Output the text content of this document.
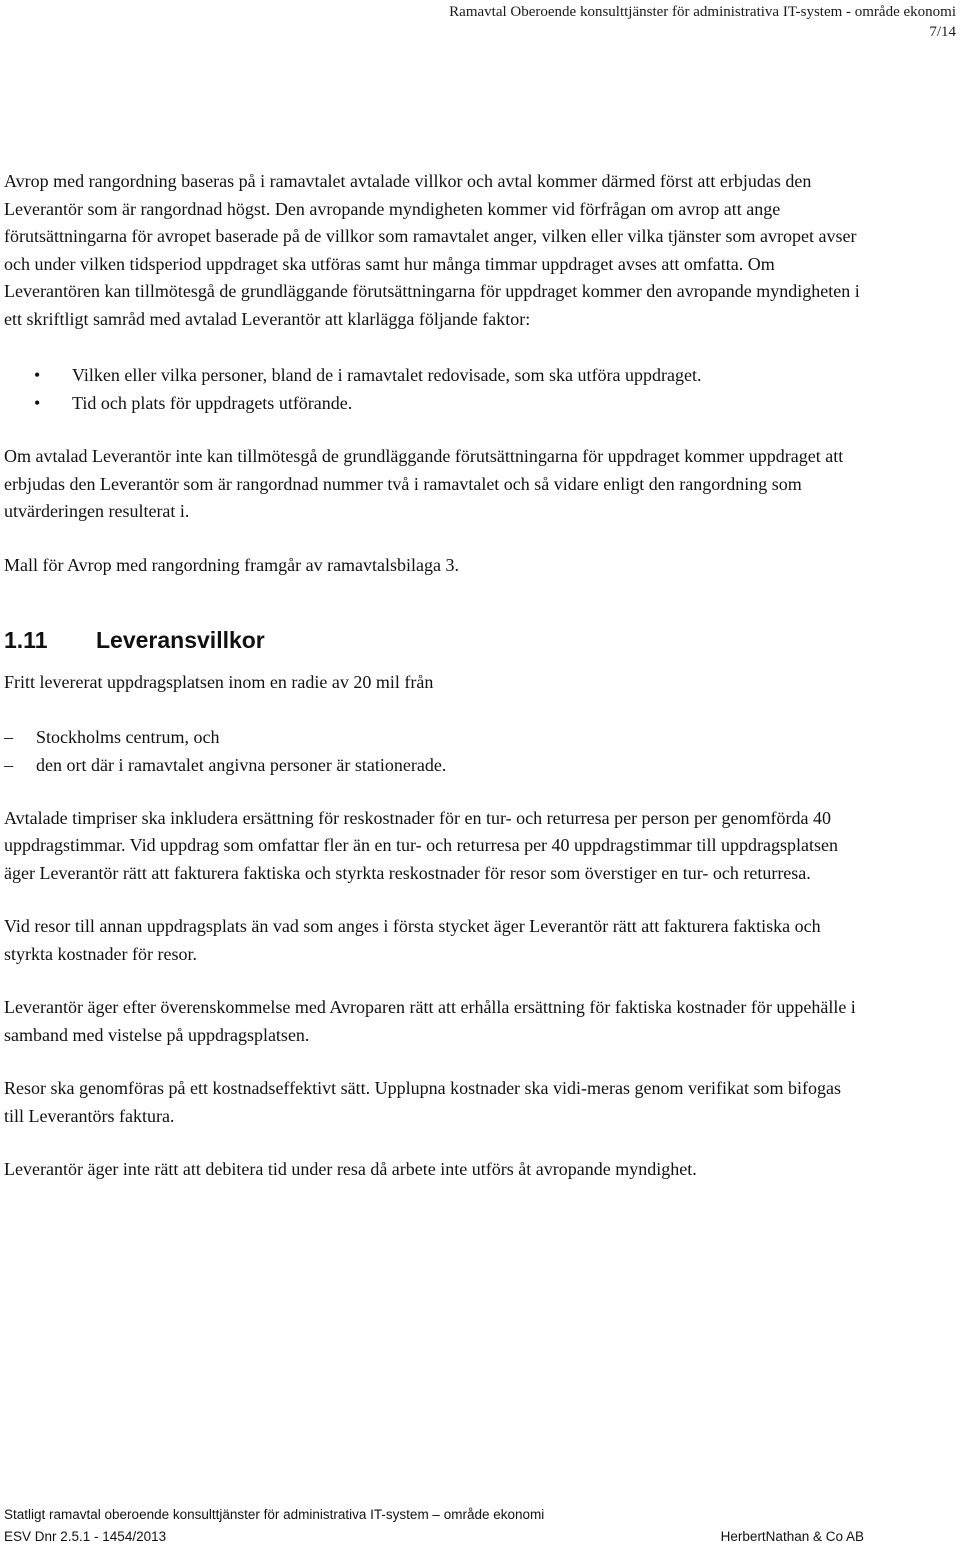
Ramavtal Oberoende konsulttjänster för administrativa IT-system - område ekonomi
7/14

Avrop med rangordning baseras på i ramavtalet avtalade villkor och avtal kommer därmed först att erbjudas den Leverantör som är rangordnad högst. Den avropande myndigheten kommer vid förfrågan om avrop att ange förutsättningarna för avropet baserade på de villkor som ramavtalet anger, vilken eller vilka tjänster som avropet avser och under vilken tidsperiod uppdraget ska utföras samt hur många timmar uppdraget avses att omfatta. Om Leverantören kan tillmötesgå de grundläggande förutsättningarna för uppdraget kommer den avropande myndigheten i ett skriftligt samråd med avtalad Leverantör att klarlägga följande faktor:

• Vilken eller vilka personer, bland de i ramavtalet redovisade, som ska utföra uppdraget.
• Tid och plats för uppdragets utförande.

Om avtalad Leverantör inte kan tillmötesgå de grundläggande förutsättningarna för uppdraget kommer uppdraget att erbjudas den Leverantör som är rangordnad nummer två i ramavtalet och så vidare enligt den rangordning som utvärderingen resulterat i.

Mall för Avrop med rangordning framgår av ramavtalsbilaga 3.

1.11 Leveransvillkor

Fritt levererat uppdragsplatsen inom en radie av 20 mil från

– Stockholms centrum, och
– den ort där i ramavtalet angivna personer är stationerade.

Avtalade timpriser ska inkludera ersättning för reskostnader för en tur- och returresa per person per genomförda 40 uppdragstimmar. Vid uppdrag som omfattar fler än en tur- och returresa per 40 uppdragstimmar till uppdragsplatsen äger Leverantör rätt att fakturera faktiska och styrkta reskostnader för resor som överstiger en tur- och returresa.

Vid resor till annan uppdragsplats än vad som anges i första stycket äger Leverantör rätt att fakturera faktiska och styrkta kostnader för resor.

Leverantör äger efter överenskommelse med Avroparen rätt att erhålla ersättning för faktiska kostnader för uppehälle i samband med vistelse på uppdragsplatsen.

Resor ska genomföras på ett kostnadseffektivt sätt. Upplupna kostnader ska vidi-meras genom verifikat som bifogas till Leverantörs faktura.

Leverantör äger inte rätt att debitera tid under resa då arbete inte utförs åt avropande myndighet.

Statligt ramavtal oberoende konsulttjänster för administrativa IT-system – område ekonomi
ESV Dnr 2.5.1 - 1454/2013	HerbertNathan & Co AB
